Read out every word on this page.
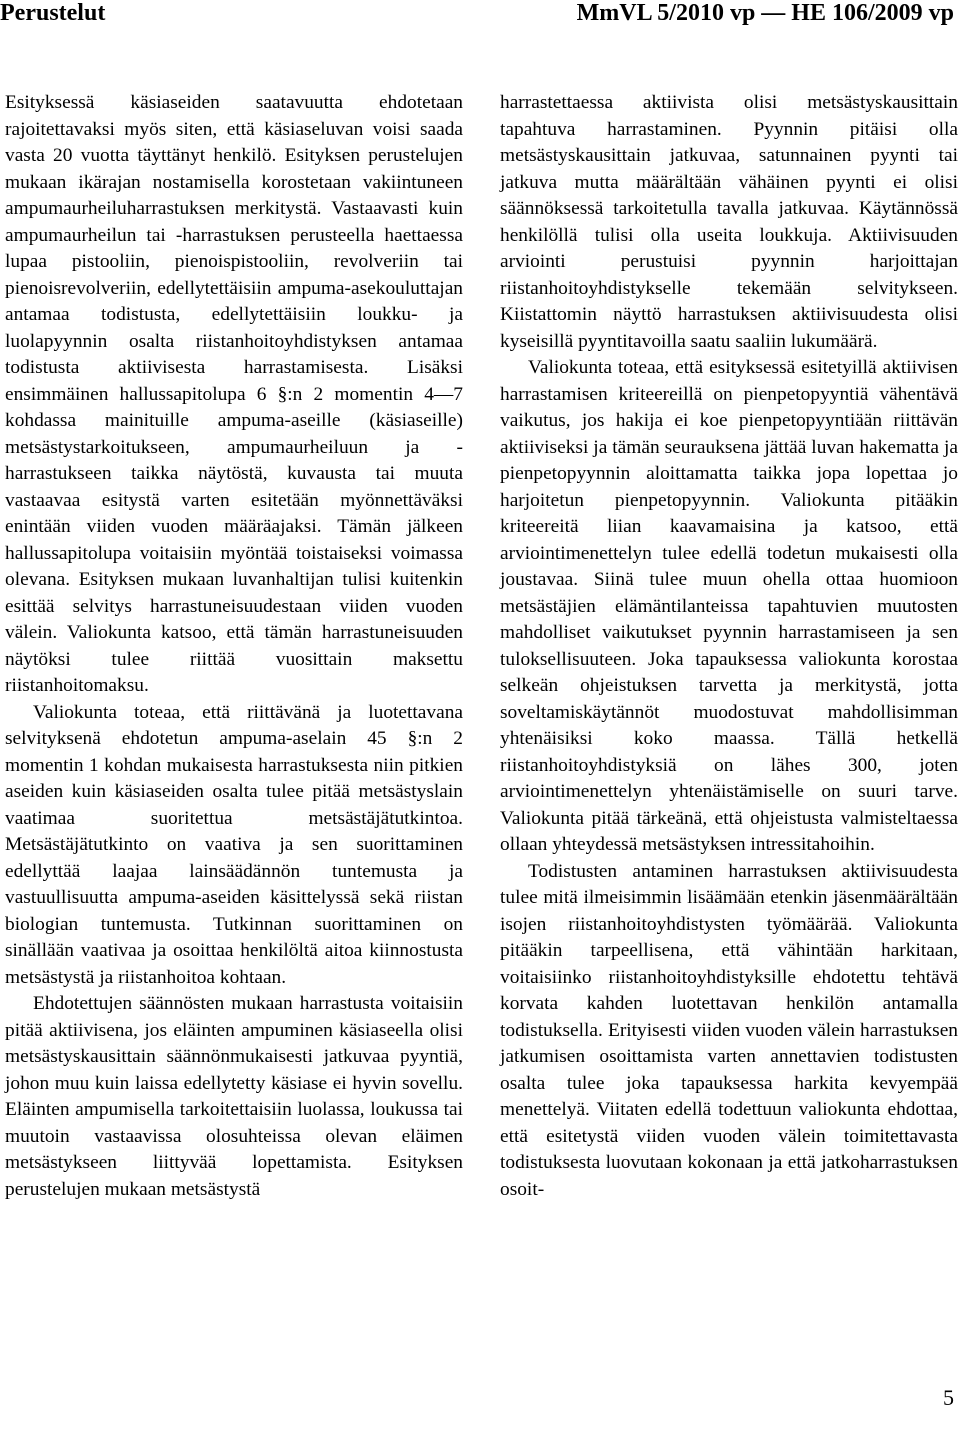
Perustelut	MmVL 5/2010 vp — HE 106/2009 vp

Esityksessä käsiaseiden saatavuutta ehdotetaan rajoitettavaksi myös siten, että käsiaseluvan voisi saada vasta 20 vuotta täyttänyt henkilö. Esityksen perustelujen mukaan ikärajan nostamisella korostetaan vakiintuneen ampumaurheiluharrastuksen merkitystä. Vastaavasti kuin ampumaurheilun tai -harrastuksen perusteella haettaessa lupaa pistooliin, pienoispistooliin, revolveriin tai pienoisrevolveriin, edellytettäisiin ampuma-asekouluttajan antamaa todistusta, edellytettäisiin loukku- ja luolapyynnin osalta riistanhoitoyhdistyksen antamaa todistusta aktiivisesta harrastamisesta. Lisäksi ensimmäinen hallussapitolupa 6 §:n 2 momentin 4—7 kohdassa mainituille ampuma-aseille (käsiaseille) metsästystarkoitukseen, ampumaurheiluun ja -harrastukseen taikka näytöstä, kuvausta tai muuta vastaavaa esitystä varten esitetään myönnettäväksi enintään viiden vuoden määräajaksi. Tämän jälkeen hallussapitolupa voitaisiin myöntää toistaiseksi voimassa olevana. Esityksen mukaan luvanhaltijan tulisi kuitenkin esittää selvitys harrastuneisuudestaan viiden vuoden välein. Valiokunta katsoo, että tämän harrastuneisuuden näytöksi tulee riittää vuosittain maksettu riistanhoitomaksu.

Valiokunta toteaa, että riittävänä ja luotettavana selvityksenä ehdotetun ampuma-aselain 45 §:n 2 momentin 1 kohdan mukaisesta harrastuksesta niin pitkien aseiden kuin käsiaseiden osalta tulee pitää metsästyslain vaatimaa suoritettua metsästäjätutkintoa. Metsästäjätutkinto on vaativa ja sen suorittaminen edellyttää laajaa lainsäädännön tuntemusta ja vastuullisuutta ampuma-aseiden käsittelyssä sekä riistan biologian tuntemusta. Tutkinnan suorittaminen on sinällään vaativaa ja osoittaa henkilöltä aitoa kiinnostusta metsästystä ja riistanhoitoa kohtaan.

Ehdotettujen säännösten mukaan harrastusta voitaisiin pitää aktiivisena, jos eläinten ampuminen käsiaseella olisi metsästyskausittain säännönmukaisesti jatkuvaa pyyntiä, johon muu kuin laissa edellytetty käsiase ei hyvin sovellu. Eläinten ampumisella tarkoitettaisiin luolassa, loukussa tai muutoin vastaavissa olosuhteissa olevan eläimen metsästykseen liittyvää lopettamista. Esityksen perustelujen mukaan metsästystä

harrastettaessa aktiivista olisi metsästyskausittain tapahtuva harrastaminen. Pyynnin pitäisi olla metsästyskausittain jatkuvaa, satunnainen pyynti tai jatkuva mutta määrältään vähäinen pyynti ei olisi säännöksessä tarkoitetulla tavalla jatkuvaa. Käytännössä henkilöllä tulisi olla useita loukkuja. Aktiivisuuden arviointi perustuisi pyynnin harjoittajan riistanhoitoyhdistykselle tekemään selvitykseen. Kiistattomin näyttö harrastuksen aktiivisuudesta olisi kyseisillä pyyntitavoilla saatu saaliin lukumäärä.

Valiokunta toteaa, että esityksessä esitetyillä aktiivisen harrastamisen kriteereillä on pienpetopyyntiä vähentävä vaikutus, jos hakija ei koe pienpetopyyntiään riittävän aktiiviseksi ja tämän seurauksena jättää luvan hakematta ja pienpetopyynnin aloittamatta taikka jopa lopettaa jo harjoitetun pienpetopyynnin. Valiokunta pitääkin kriteereitä liian kaavamaisina ja katsoo, että arviointimenettelyn tulee edellä todetun mukaisesti olla joustavaa. Siinä tulee muun ohella ottaa huomioon metsästäjien elämäntilanteissa tapahtuvien muutosten mahdolliset vaikutukset pyynnin harrastamiseen ja sen tuloksellisuuteen. Joka tapauksessa valiokunta korostaa selkeän ohjeistuksen tarvetta ja merkitystä, jotta soveltamiskäytännöt muodostuvat mahdollisimman yhtenäisiksi koko maassa. Tällä hetkellä riistanhoitoyhdistyksiä on lähes 300, joten arviointimenettelyn yhtenäistämiselle on suuri tarve. Valiokunta pitää tärkeänä, että ohjeistusta valmisteltaessa ollaan yhteydessä metsästyksen intressitahoihin.

Todistusten antaminen harrastuksen aktiivisuudesta tulee mitä ilmeisimmin lisäämään etenkin jäsenmäärältään isojen riistanhoitoyhdistysten työmäärää. Valiokunta pitääkin tarpeellisena, että vähintään harkitaan, voitaisiinko riistanhoitoyhdistyksille ehdotettu tehtävä korvata kahden luotettavan henkilön antamalla todistuksella. Erityisesti viiden vuoden välein harrastuksen jatkumisen osoittamista varten annettavien todistusten osalta tulee joka tapauksessa harkita kevyempää menettelyä. Viitaten edellä todettuun valiokunta ehdottaa, että esitetystä viiden vuoden välein toimitettavasta todistuksesta luovutaan kokonaan ja että jatkoharrastuksen osoit-

5
